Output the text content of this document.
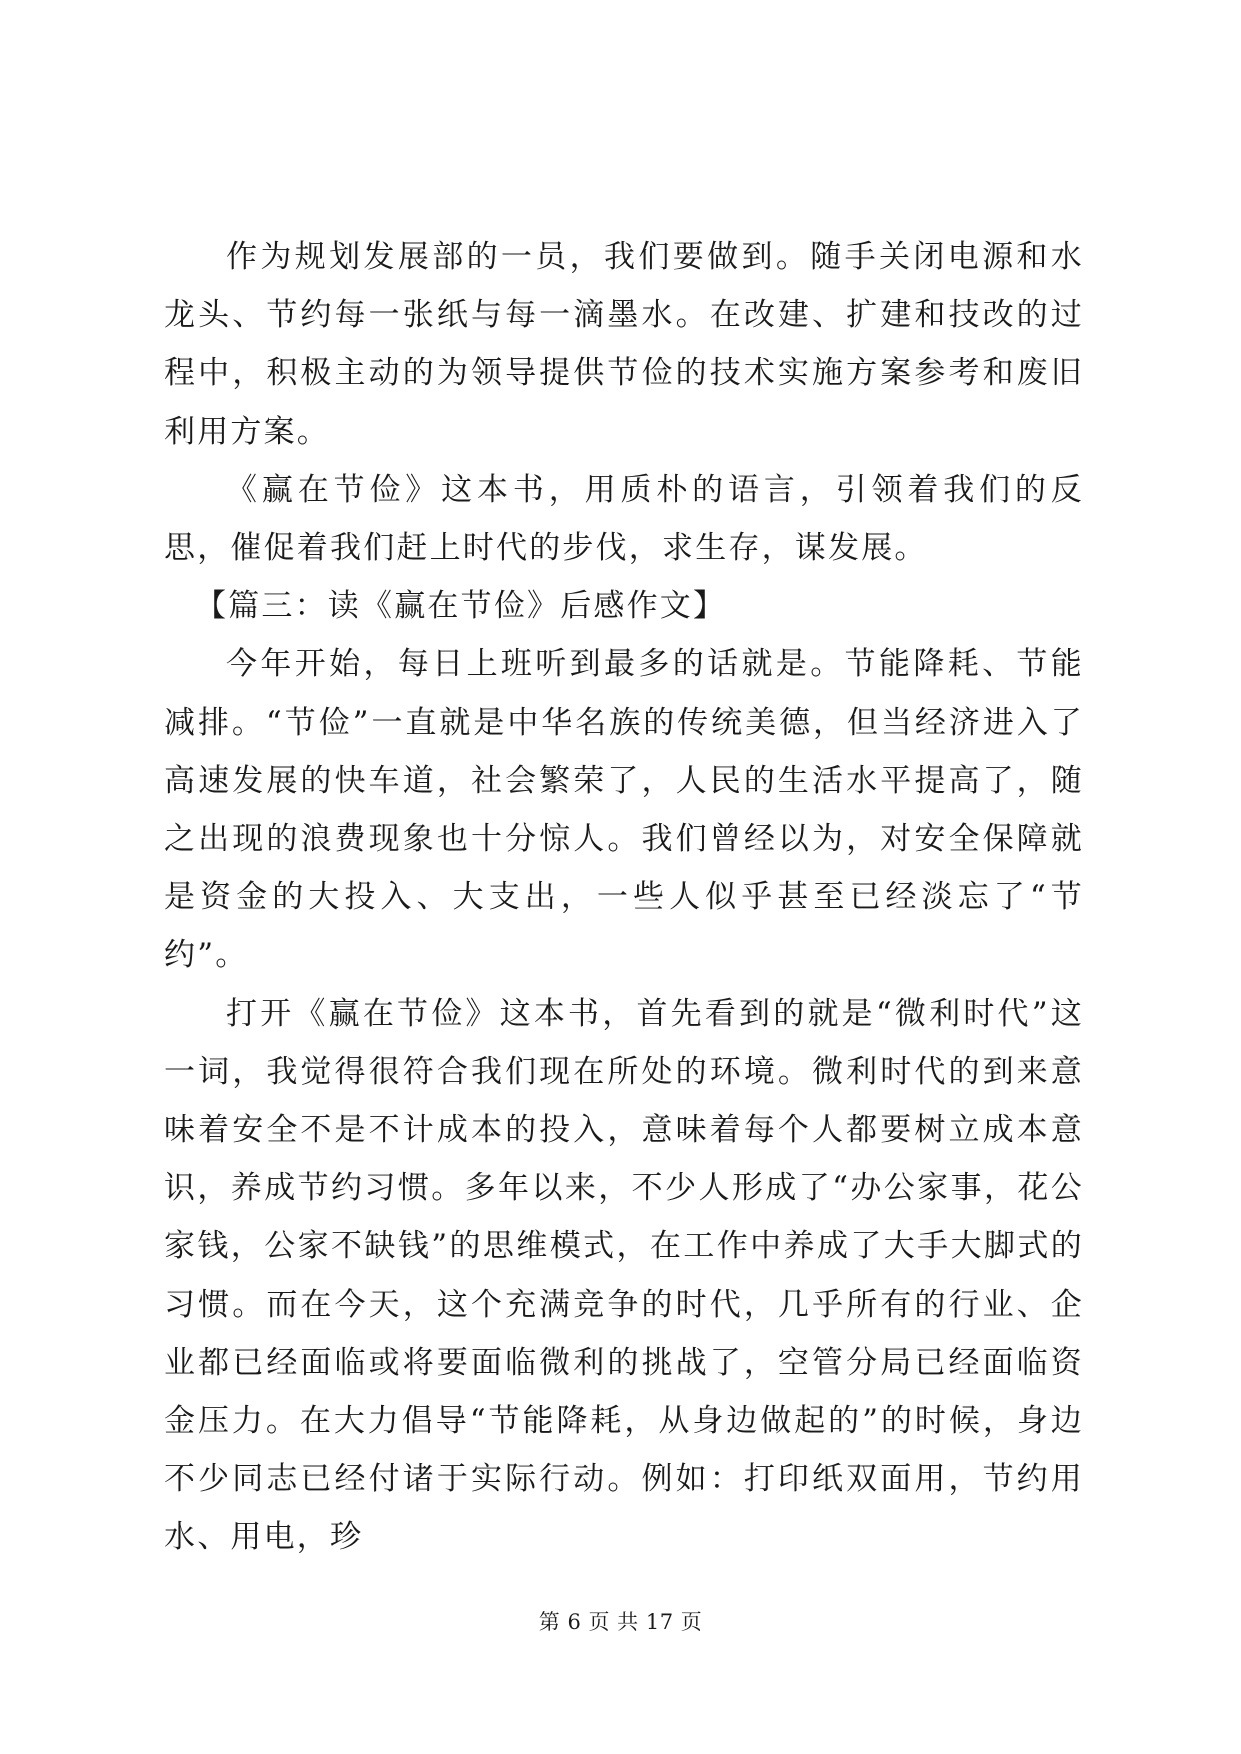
作为规划发展部的一员，我们要做到。随手关闭电源和水龙头、节约每一张纸与每一滴墨水。在改建、扩建和技改的过程中，积极主动的为领导提供节俭的技术实施方案参考和废旧利用方案。

《赢在节俭》这本书，用质朴的语言，引领着我们的反思，催促着我们赶上时代的步伐，求生存，谋发展。

【篇三：读《赢在节俭》后感作文】

今年开始，每日上班听到最多的话就是。节能降耗、节能减排。“节俭”一直就是中华名族的传统美德，但当经济进入了高速发展的快车道，社会繁荣了，人民的生活水平提高了，随之出现的浪费现象也十分惊人。我们曾经以为，对安全保障就是资金的大投入、大支出，一些人似乎甚至已经淡忘了“节约”。

打开《赢在节俭》这本书，首先看到的就是“微利时代”这一词，我觉得很符合我们现在所处的环境。微利时代的到来意味着安全不是不计成本的投入，意味着每个人都要树立成本意识，养成节约习惯。多年以来，不少人形成了“办公家事，花公家钱，公家不缺钱”的思维模式，在工作中养成了大手大脚式的习惯。而在今天，这个充满竞争的时代，几乎所有的行业、企业都已经面临或将要面临微利的挑战了，空管分局已经面临资金压力。在大力倡导“节能降耗，从身边做起的”的时候，身边不少同志已经付诸于实际行动。例如：打印纸双面用，节约用水、用电，珍

第 6 页 共 17 页
